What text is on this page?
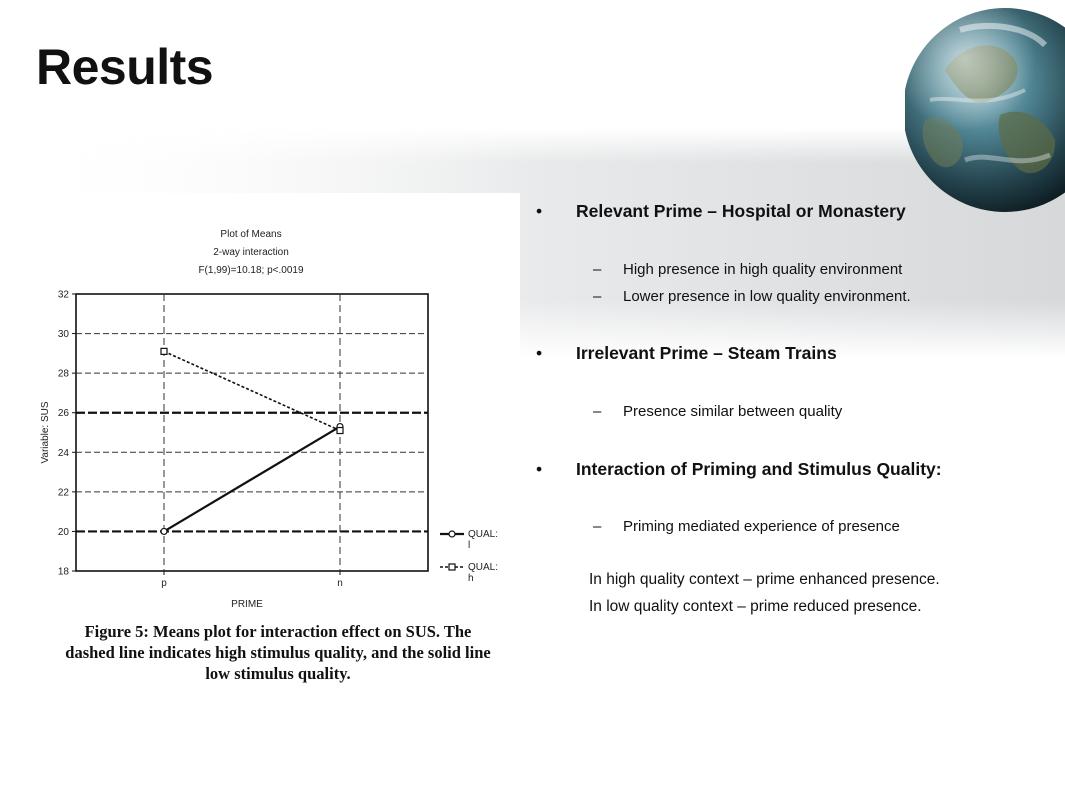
Results
Plot of Means
2-way interaction
F(1,99)=10.18; p<.0019
18
20
22
24
26
28
30
32
p	n
PRIME
Variable: SUS
QUAL:
l
QUAL:
h
Figure 5: Means plot for interaction effect on SUS. The
dashed line indicates high stimulus quality, and the solid line
low stimulus quality.
• Relevant Prime – Hospital or Monastery
– High presence in high quality environment
– Lower presence in low quality environment.
• Irrelevant Prime – Steam Trains
– Presence similar between quality
• Interaction of Priming and Stimulus Quality:
– Priming mediated experience of presence
In high quality context – prime enhanced presence.
In low quality context – prime reduced presence.
